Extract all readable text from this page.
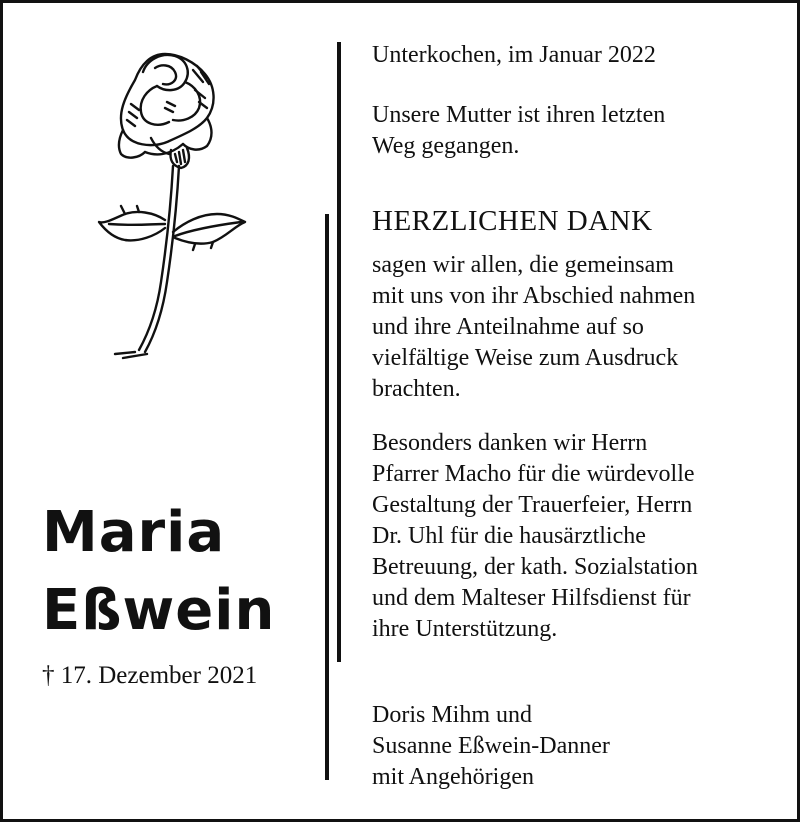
Maria
Eßwein
† 17. Dezember 2021

Unterkochen, im Januar 2022

Unsere Mutter ist ihren letzten

Weg gegangen.

HERZLICHEN DANK

sagen wir allen, die gemeinsam

mit uns von ihr Abschied nahmen

und ihre Anteilnahme auf so

vielfältige Weise zum Ausdruck

brachten.

Besonders danken wir Herrn

Pfarrer Macho für die würdevolle

Gestaltung der Trauerfeier, Herrn

Dr. Uhl für die hausärztliche

Betreuung, der kath. Sozialstation

und dem Malteser Hilfsdienst für

ihre Unterstützung.

Doris Mihm und

Susanne Eßwein-Danner

mit Angehörigen
